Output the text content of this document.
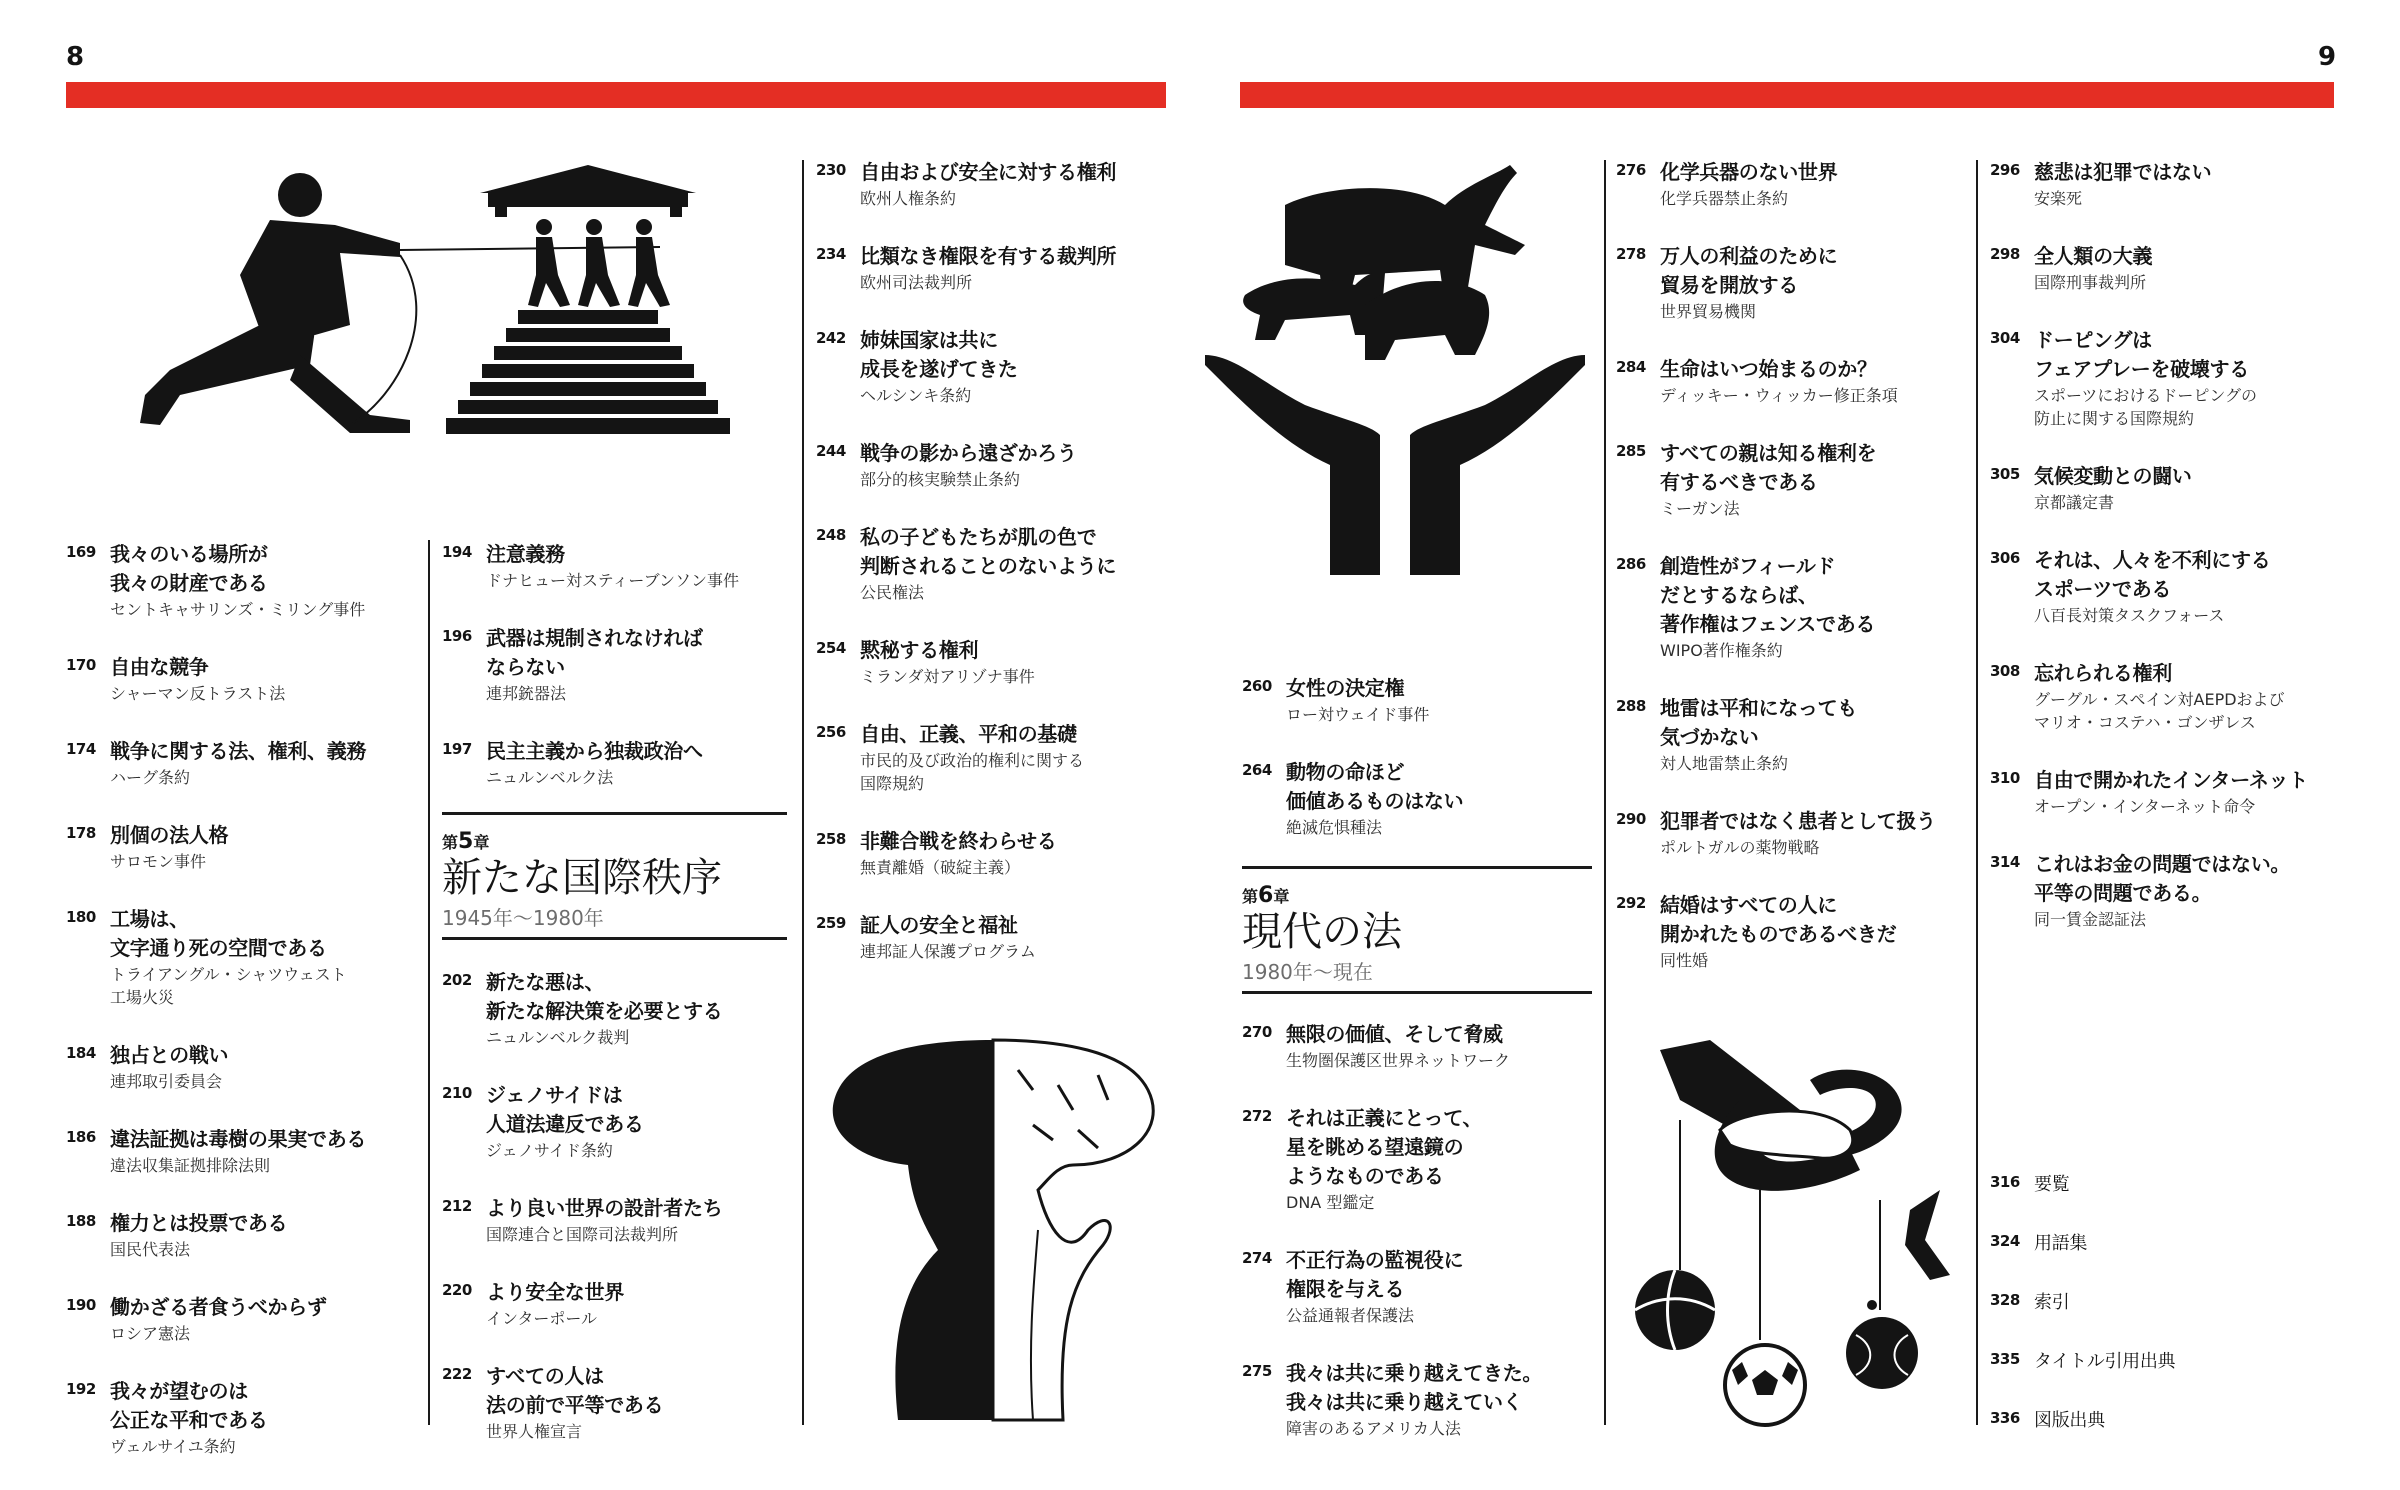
8	9
169 我々のいる場所が
我々の財産である
セントキャサリンズ・ミリング事件
170 自由な競争
シャーマン反トラスト法
174 戦争に関する法、権利、義務
ハーグ条約
178 別個の法人格
サロモン事件
180 工場は、
文字通り死の空間である
トライアングル・シャツウェスト
工場火災
184 独占との戦い
連邦取引委員会
186 違法証拠は毒樹の果実である
違法収集証拠排除法則
188 権力とは投票である
国民代表法
190 働かざる者食うべからず
ロシア憲法
192 我々が望むのは
公正な平和である
ヴェルサイユ条約
194 注意義務
ドナヒュー対スティーブンソン事件
196 武器は規制されなければ
ならない
連邦銃器法
197 民主主義から独裁政治へ
ニュルンベルク法
第5章
新たな国際秩序
1945年〜1980年
202 新たな悪は、
新たな解決策を必要とする
ニュルンベルク裁判
210 ジェノサイドは
人道法違反である
ジェノサイド条約
212 より良い世界の設計者たち
国際連合と国際司法裁判所
220 より安全な世界
インターポール
222 すべての人は
法の前で平等である
世界人権宣言
230 自由および安全に対する権利
欧州人権条約
234 比類なき権限を有する裁判所
欧州司法裁判所
242 姉妹国家は共に
成長を遂げてきた
ヘルシンキ条約
244 戦争の影から遠ざかろう
部分的核実験禁止条約
248 私の子どもたちが肌の色で
判断されることのないように
公民権法
254 黙秘する権利
ミランダ対アリゾナ事件
256 自由、正義、平和の基礎
市民的及び政治的権利に関する
国際規約
258 非難合戦を終わらせる
無責離婚（破綻主義）
259 証人の安全と福祉
連邦証人保護プログラム
260 女性の決定権
ロー対ウェイド事件
264 動物の命ほど
価値あるものはない
絶滅危惧種法
第6章
現代の法
1980年〜現在
270 無限の価値、そして脅威
生物圏保護区世界ネットワーク
272 それは正義にとって、
星を眺める望遠鏡の
ようなものである
DNA 型鑑定
274 不正行為の監視役に
権限を与える
公益通報者保護法
275 我々は共に乗り越えてきた。
我々は共に乗り越えていく
障害のあるアメリカ人法
276 化学兵器のない世界
化学兵器禁止条約
278 万人の利益のために
貿易を開放する
世界貿易機関
284 生命はいつ始まるのか？
ディッキー・ウィッカー修正条項
285 すべての親は知る権利を
有するべきである
ミーガン法
286 創造性がフィールド
だとするならば、
著作権はフェンスである
WIPO著作権条約
288 地雷は平和になっても
気づかない
対人地雷禁止条約
290 犯罪者ではなく患者として扱う
ポルトガルの薬物戦略
292 結婚はすべての人に
開かれたものであるべきだ
同性婚
296 慈悲は犯罪ではない
安楽死
298 全人類の大義
国際刑事裁判所
304 ドーピングは
フェアプレーを破壊する
スポーツにおけるドーピングの
防止に関する国際規約
305 気候変動との闘い
京都議定書
306 それは、人々を不利にする
スポーツである
八百長対策タスクフォース
308 忘れられる権利
グーグル・スペイン対AEPDおよび
マリオ・コステハ・ゴンザレス
310 自由で開かれたインターネット
オープン・インターネット命令
314 これはお金の問題ではない。
平等の問題である。
同一賃金認証法
316 要覧
324 用語集
328 索引
335 タイトル引用出典
336 図版出典
